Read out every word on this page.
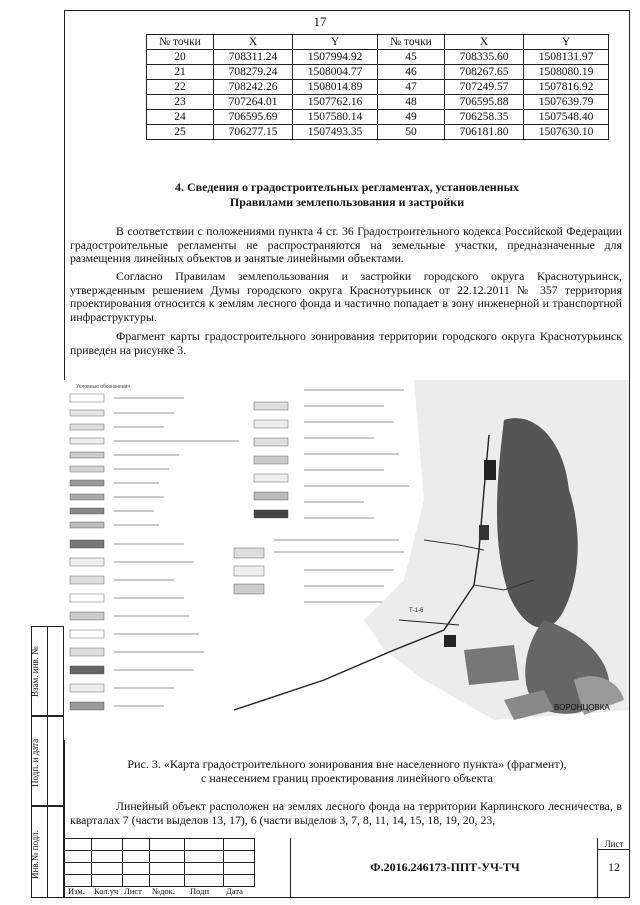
17
№ точки	X	Y	№ точки	X	Y
20	708311.24	1507994.92	45	708335.60	1508131.97
21	708279.24	1508004.77	46	708267.65	1508080.19
22	708242.26	1508014.89	47	707249.57	1507816.92
23	707264.01	1507762.16	48	706595.88	1507639.79
24	706595.69	1507580.14	49	706258.35	1507548.40
25	706277.15	1507493.35	50	706181.80	1507630.10
4. Сведения о градостроительных регламентах, установленных
Правилами землепользования и застройки

В соответствии с положениями пункта 4 ст. 36 Градостроительного кодекса Российской Федерации градостроительные регламенты не распространяются на земельные участки, предназначенные для размещения линейных объектов и занятые линейными объектами.

Согласно Правилам землепользования и застройки городского округа Краснотурьинск, утвержденным решением Думы городского округа Краснотурьинск от 22.12.2011 № 357 территория проектирования относится к землям лесного фонда и частично попадает в зону инженерной и транспортной инфраструктуры.

Фрагмент карты градостроительного зонирования территории городского округа Краснотурьинск приведен на рисунке 3.

Условные обозначения
ВОРОНЦОВКА
Т-1-6
Рис. 3. «Карта градостроительного зонирования вне населенного пункта» (фрагмент),
с нанесением границ проектирования линейного объекта

Линейный объект расположен на землях лесного фонда на территории Карпинского лесничества, в кварталах 7 (части выделов 13, 17), 6 (части выделов 3, 7, 8, 11, 14, 15, 18, 19, 20, 23,

Взам. инв. №
Подп. и дата
Инв.№ подл.

Изм. Кол.уч Лист №док. Подп Дата
Ф.2016.246173-ППТ-УЧ-ТЧ
Лист
12
